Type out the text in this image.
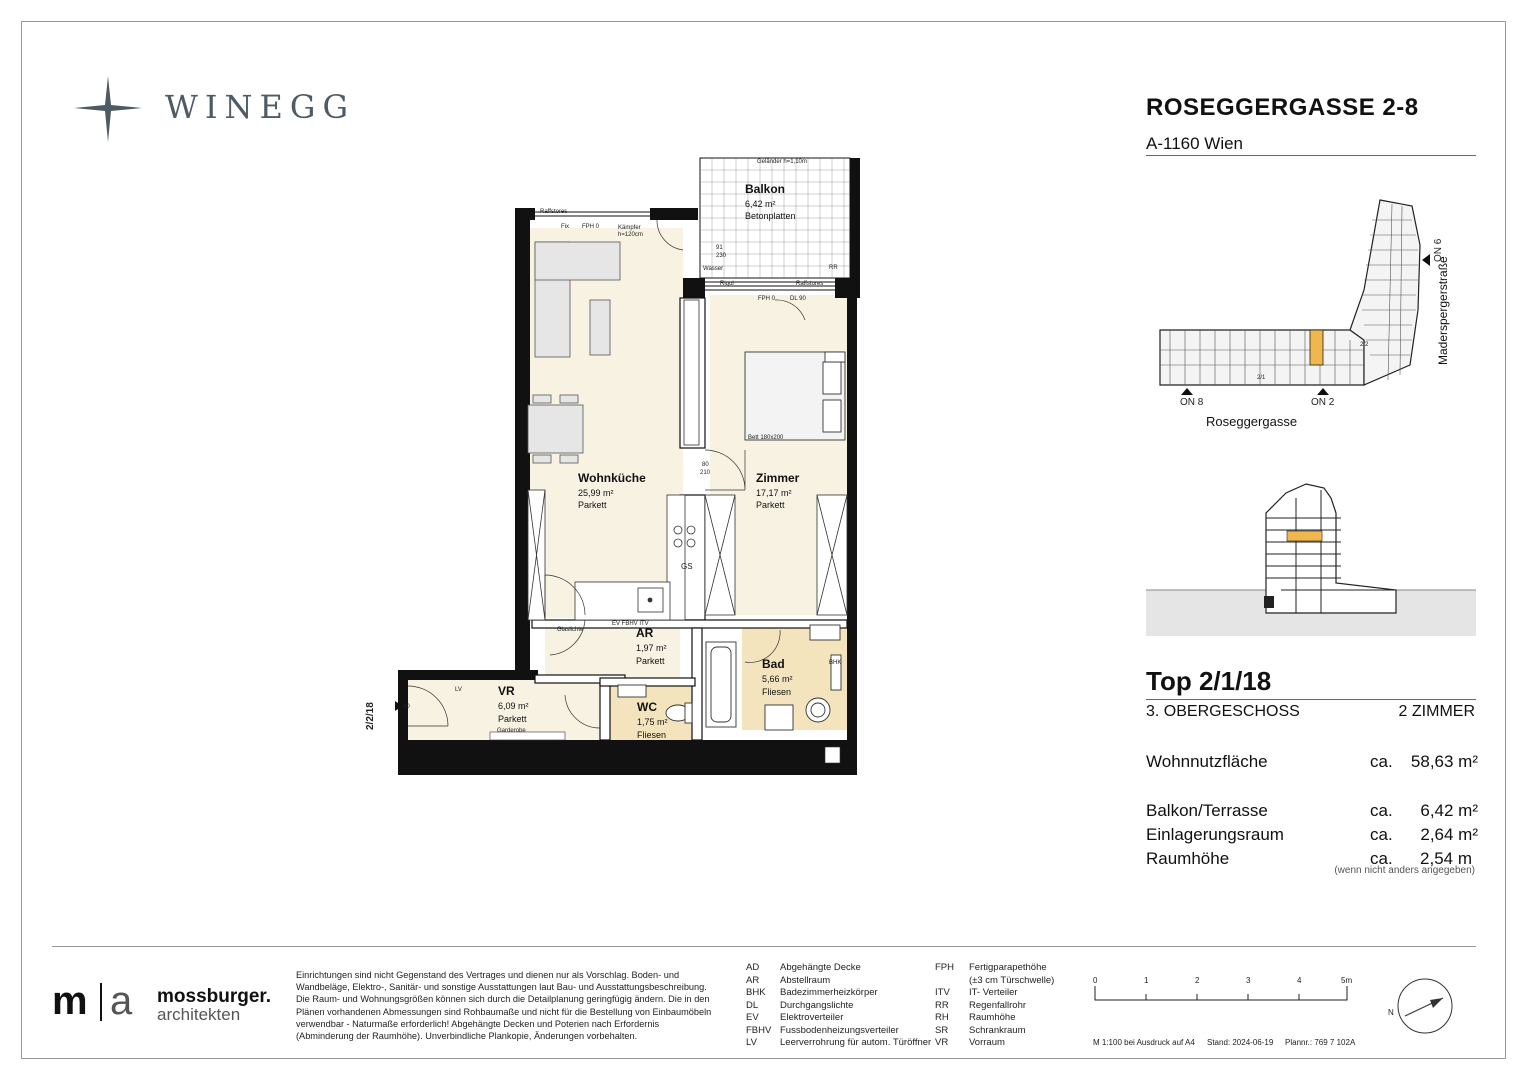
WINEGG	ROSEGGERGASSE 2-8
A-1160 Wien
ON 8	ON 2
ON 6
Roseggergasse
Maderspergerstraße
2/2
2/1
Top 2/1/18
3. OBERGESCHOSS	2 ZIMMER
Wohnnutzfläche	ca. 58,63 m²
Balkon/Terrasse	ca. 6,42 m²
Einlagerungsraum	ca. 2,64 m²
Raumhöhe	ca. 2,54 m
(wenn nicht anders angegeben)
Balkon
6,42 m²
Betonplatten
Geländer h=1,10m
Wohnküche
25,99 m²
Parkett
Zimmer
17,17 m²
Parkett
AR
1,97 m²
Parkett	Bad
5,66 m²
Fliesen
VR
6,09 m²
Parkett
WC
1,75 m²
Fliesen
Raffstores
Fix FPH 0	Kämpfer h=120cm
91
230
Wasser
Rigol	Raffstores
FPH 0 DL 90
RR
Bett 180x200
80
210
GS
BHK
Glaslichte
EV FBHV ITV
LV
90
Garderobe
2/2/18
m a mossburger.
architekten
Einrichtungen sind nicht Gegenstand des Vertrages und dienen nur als Vorschlag. Boden- und Wandbeläge, Elektro-, Sanitär- und sonstige Ausstattungen laut Bau- und Ausstattungsbeschreibung. Die Raum- und Wohnungsgrößen können sich durch die Detailplanung geringfügig ändern. Die in den Plänen vorhandenen Abmessungen sind Rohbaumaße und nicht für die Bestellung von Einbaumöbeln verwendbar - Naturmaße erforderlich! Abgehängte Decken und Poterien nach Erfordernis (Abminderung der Raumhöhe). Unverbindliche Plankopie, Änderungen vorbehalten.
AD	Abgehängte Decke
AR	Abstellraum
BHK	Badezimmerheizkörper
DL	Durchgangslichte
EV	Elektroverteiler
FBHV Fussbodenheizungsverteiler
LV	Leerverrohrung für autom. Türöffner
FPH	Fertigparapethöhe
(±3 cm Türschwelle)
ITV	IT- Verteiler
RR	Regenfallrohr
RH	Raumhöhe
SR	Schrankraum
VR	Vorraum
0	1	2	3	4	5m
M 1:100 bei Ausdruck auf A4 Stand: 2024-06-19 Plannr.: 769 7 102A
N
